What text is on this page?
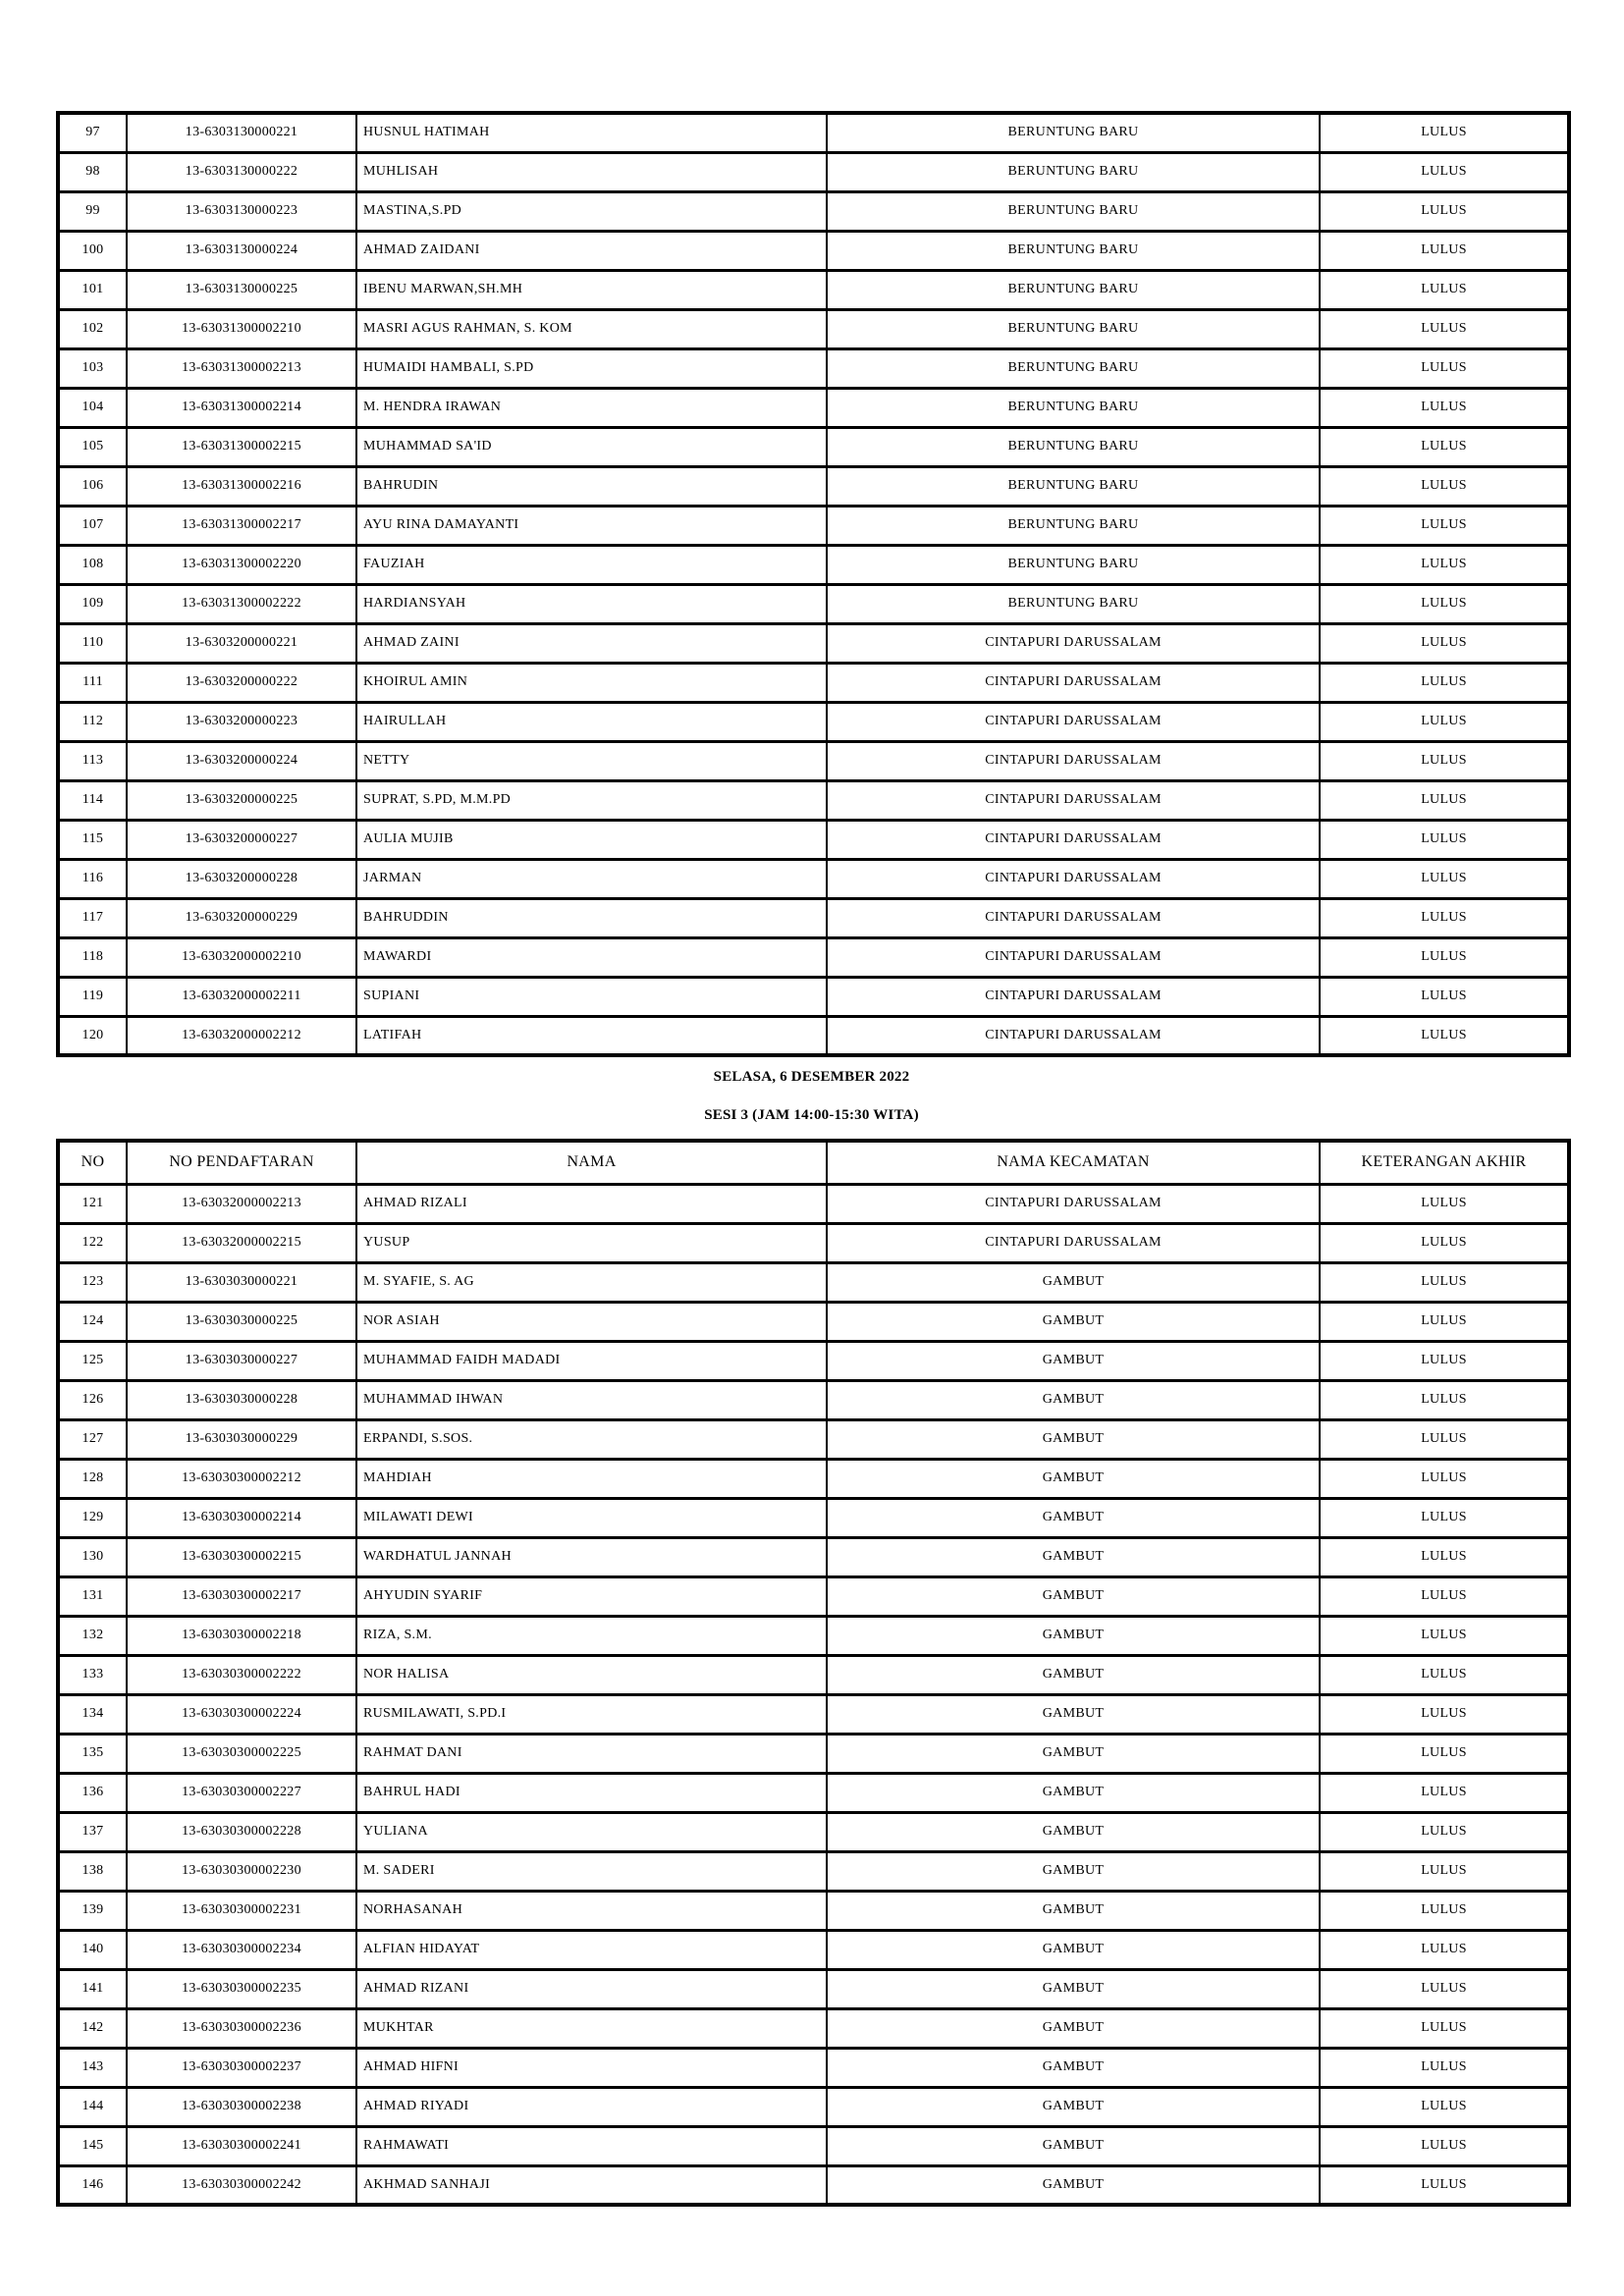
97	13-6303130000221	HUSNUL HATIMAH	BERUNTUNG BARU	LULUS
98	13-6303130000222	MUHLISAH	BERUNTUNG BARU	LULUS
99	13-6303130000223	MASTINA,S.PD	BERUNTUNG BARU	LULUS
100	13-6303130000224	AHMAD ZAIDANI	BERUNTUNG BARU	LULUS
101	13-6303130000225	IBENU MARWAN,SH.MH	BERUNTUNG BARU	LULUS
102	13-63031300002210	MASRI AGUS RAHMAN, S. KOM	BERUNTUNG BARU	LULUS
103	13-63031300002213	HUMAIDI HAMBALI, S.PD	BERUNTUNG BARU	LULUS
104	13-63031300002214	M. HENDRA IRAWAN	BERUNTUNG BARU	LULUS
105	13-63031300002215	MUHAMMAD SA'ID	BERUNTUNG BARU	LULUS
106	13-63031300002216	BAHRUDIN	BERUNTUNG BARU	LULUS
107	13-63031300002217	AYU RINA DAMAYANTI	BERUNTUNG BARU	LULUS
108	13-63031300002220	FAUZIAH	BERUNTUNG BARU	LULUS
109	13-63031300002222	HARDIANSYAH	BERUNTUNG BARU	LULUS
110	13-6303200000221	AHMAD ZAINI	CINTAPURI DARUSSALAM	LULUS
111	13-6303200000222	KHOIRUL AMIN	CINTAPURI DARUSSALAM	LULUS
112	13-6303200000223	HAIRULLAH	CINTAPURI DARUSSALAM	LULUS
113	13-6303200000224	NETTY	CINTAPURI DARUSSALAM	LULUS
114	13-6303200000225	SUPRAT, S.PD, M.M.PD	CINTAPURI DARUSSALAM	LULUS
115	13-6303200000227	AULIA MUJIB	CINTAPURI DARUSSALAM	LULUS
116	13-6303200000228	JARMAN	CINTAPURI DARUSSALAM	LULUS
117	13-6303200000229	BAHRUDDIN	CINTAPURI DARUSSALAM	LULUS
118	13-63032000002210	MAWARDI	CINTAPURI DARUSSALAM	LULUS
119	13-63032000002211	SUPIANI	CINTAPURI DARUSSALAM	LULUS
120	13-63032000002212	LATIFAH	CINTAPURI DARUSSALAM	LULUS
SELASA, 6 DESEMBER 2022
SESI 3 (JAM 14:00-15:30 WITA)
NO	NO PENDAFTARAN	NAMA	NAMA KECAMATAN	KETERANGAN AKHIR
121	13-63032000002213	AHMAD RIZALI	CINTAPURI DARUSSALAM	LULUS
122	13-63032000002215	YUSUP	CINTAPURI DARUSSALAM	LULUS
123	13-6303030000221	M. SYAFIE, S. AG	GAMBUT	LULUS
124	13-6303030000225	NOR ASIAH	GAMBUT	LULUS
125	13-6303030000227	MUHAMMAD FAIDH MADADI	GAMBUT	LULUS
126	13-6303030000228	MUHAMMAD IHWAN	GAMBUT	LULUS
127	13-6303030000229	ERPANDI, S.SOS.	GAMBUT	LULUS
128	13-63030300002212	MAHDIAH	GAMBUT	LULUS
129	13-63030300002214	MILAWATI DEWI	GAMBUT	LULUS
130	13-63030300002215	WARDHATUL JANNAH	GAMBUT	LULUS
131	13-63030300002217	AHYUDIN SYARIF	GAMBUT	LULUS
132	13-63030300002218	RIZA, S.M.	GAMBUT	LULUS
133	13-63030300002222	NOR HALISA	GAMBUT	LULUS
134	13-63030300002224	RUSMILAWATI, S.PD.I	GAMBUT	LULUS
135	13-63030300002225	RAHMAT DANI	GAMBUT	LULUS
136	13-63030300002227	BAHRUL HADI	GAMBUT	LULUS
137	13-63030300002228	YULIANA	GAMBUT	LULUS
138	13-63030300002230	M. SADERI	GAMBUT	LULUS
139	13-63030300002231	NORHASANAH	GAMBUT	LULUS
140	13-63030300002234	ALFIAN HIDAYAT	GAMBUT	LULUS
141	13-63030300002235	AHMAD RIZANI	GAMBUT	LULUS
142	13-63030300002236	MUKHTAR	GAMBUT	LULUS
143	13-63030300002237	AHMAD HIFNI	GAMBUT	LULUS
144	13-63030300002238	AHMAD RIYADI	GAMBUT	LULUS
145	13-63030300002241	RAHMAWATI	GAMBUT	LULUS
146	13-63030300002242	AKHMAD SANHAJI	GAMBUT	LULUS
